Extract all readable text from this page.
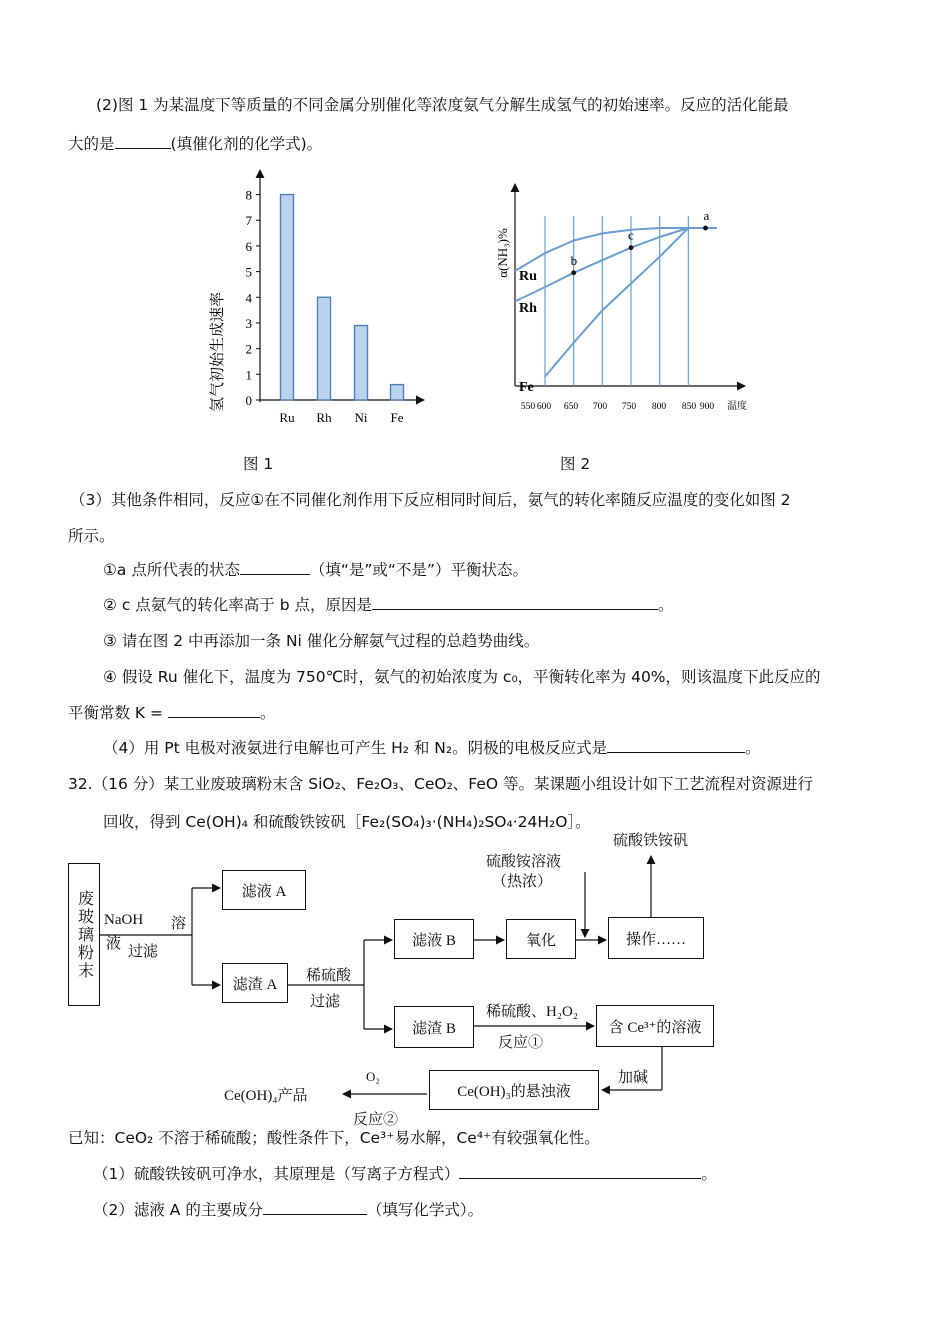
(2)图 1 为某温度下等质量的不同金属分别催化等浓度氨气分解生成氢气的初始速率。反应的活化能最
大的是	(填催化剂的化学式)。
0
1
2
3
4
5
6
7
8
Ru Rh Ni Fe
氢气初始生成速率
图 1
550 600 650 700 750 800 850 900
a
b
c
α(NH₃)% Ru
Rh
Fe
温度
图 2
（3）其他条件相同，反应①在不同催化剂作用下反应相同时间后，氨气的转化率随反应温度的变化如图 2
所示。
①a 点所代表的状态	（填“是”或“不是”）平衡状态。
② c 点氨气的转化率高于 b 点，原因是	。
③ 请在图 2 中再添加一条 Ni 催化分解氨气过程的总趋势曲线。
④ 假设 Ru 催化下，温度为 750℃时，氨气的初始浓度为 c₀，平衡转化率为 40%，则该温度下此反应的
平衡常数 K =	。
（4）用 Pt 电极对液氨进行电解也可产生 H₂ 和 N₂。阴极的电极反应式是	。
32.（16 分）某工业废玻璃粉末含 SiO₂、Fe₂O₃、CeO₂、FeO 等。某课题小组设计如下工艺流程对资源进行
回收，得到 Ce(OH)₄ 和硫酸铁铵矾［Fe₂(SO₄)₃·(NH₄)₂SO₄·24H₂O］。
废玻璃粉末	滤液 A
滤渣 A
滤液 B	氧化	操作……
滤渣 B	含 Ce³⁺的溶液
Ce(OH)₃的悬浊液
NaOH 溶
液 过滤
稀硫酸
过滤
硫酸铵溶液
（热浓）
硫酸铁铵矾
稀硫酸、H₂O₂
反应①
加碱
O₂
反应②
Ce(OH)₄产品
已知：CeO₂ 不溶于稀硫酸；酸性条件下，Ce³⁺易水解，Ce⁴⁺有较强氧化性。
（1）硫酸铁铵矾可净水，其原理是（写离子方程式）	。
（2）滤液 A 的主要成分	（填写化学式）。
